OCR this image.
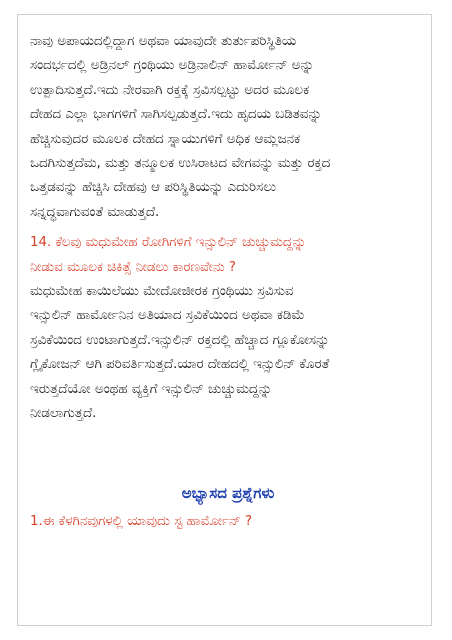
ನಾವು ಅಪಾಯದಲ್ಲಿದ್ದಾಗ ಅಥವಾ ಯಾವುದೇ ತುರ್ತುಪರಿಸ್ಥಿತಿಯ
ಸಂದರ್ಭದಲ್ಲಿ ಅಡ್ರಿನಲ್ ಗ್ರಂಥಿಯು ಅಡ್ರಿನಾಲಿನ್ ಹಾರ್ಮೋನ್ ಅನ್ನು
ಉತ್ಪಾದಿಸುತ್ತದೆ.ಇದು ನೇರವಾಗಿ ರಕ್ತಕ್ಕೆ ಸ್ರವಿಸಲ್ಪಟ್ಟು ಅದರ ಮೂಲಕ
ದೇಹದ ಎಲ್ಲಾ ಭಾಗಗಳಿಗೆ ಸಾಗಿಸಲ್ಪಡುತ್ತದೆ.ಇದು ಹೃದಯ ಬಡಿತವನ್ನು
ಹೆಚ್ಚಿಸುವುದರ ಮೂಲಕ ದೇಹದ ಸ್ನಾಯುಗಳಿಗೆ ಅಧಿಕ ಆಮ್ಲಜನಕ
ಒದಗಿಸುತ್ತದೆಮ, ಮತ್ತು ತನ್ಮೂಲಕ ಉಸಿರಾಟದ ವೇಗವನ್ನು ಮತ್ತು ರಕ್ತದ
ಒತ್ತಡವನ್ನು ಹೆಚ್ಚಿಸಿ ದೇಹವು ಆ ಪರಿಸ್ಥಿತಿಯನ್ನು ಎದುರಿಸಲು
ಸನ್ನದ್ಧವಾಗುವಂತೆ ಮಾಡುತ್ತದೆ.

14. ಕೆಲವು ಮಧುಮೇಹ ರೋಗಿಗಳಿಗೆ ಇನ್ಸುಲಿನ್ ಚುಚ್ಚುಮದ್ದನ್ನು
ನೀಡುವ ಮೂಲಕ ಚಿಕಿತ್ಸೆ ನೀಡಲು ಕಾರಣವೇನು ?

ಮಧುಮೇಹ ಕಾಯಿಲೆಯು ಮೇದೋಜೀರಕ ಗ್ರಂಥಿಯು ಸ್ರವಿಸುವ
ಇನ್ಸುಲಿನ್ ಹಾರ್ಮೋನಿನ ಅತಿಯಾದ ಸ್ರವಿಕೆಯಿಂದ ಅಥವಾ ಕಡಿಮೆ
ಸ್ರವಿಕೆಯಿಂದ ಉಂಟಾಗುತ್ತದೆ.ಇನ್ಸುಲಿನ್ ರಕ್ತದಲ್ಲಿ ಹೆಚ್ಚಾದ ಗ್ಲೂಕೋಸನ್ನು
ಗ್ಲೈಕೋಜನ್ ಆಗಿ ಪರಿವರ್ತಿಸುತ್ತದೆ.ಯಾರ ದೇಹದಲ್ಲಿ ಇನ್ಸುಲಿನ್ ಕೊರತೆ
ಇರುತ್ತದೆಯೋ ಅಂಥಹ ವ್ಯಕ್ತಿಗೆ ಇನ್ಸುಲಿನ್ ಚುಚ್ಚುಮದ್ದನ್ನು
ನೀಡಲಾಗುತ್ತದೆ.

ಅಭ್ಯಾಸದ ಪ್ರಶ್ನೆಗಳು

1.ಈ ಕೆಳಗಿನವುಗಳಲ್ಲಿ ಯಾವುದು ಸ್ಟ ಹಾರ್ಮೋನ್ ?
